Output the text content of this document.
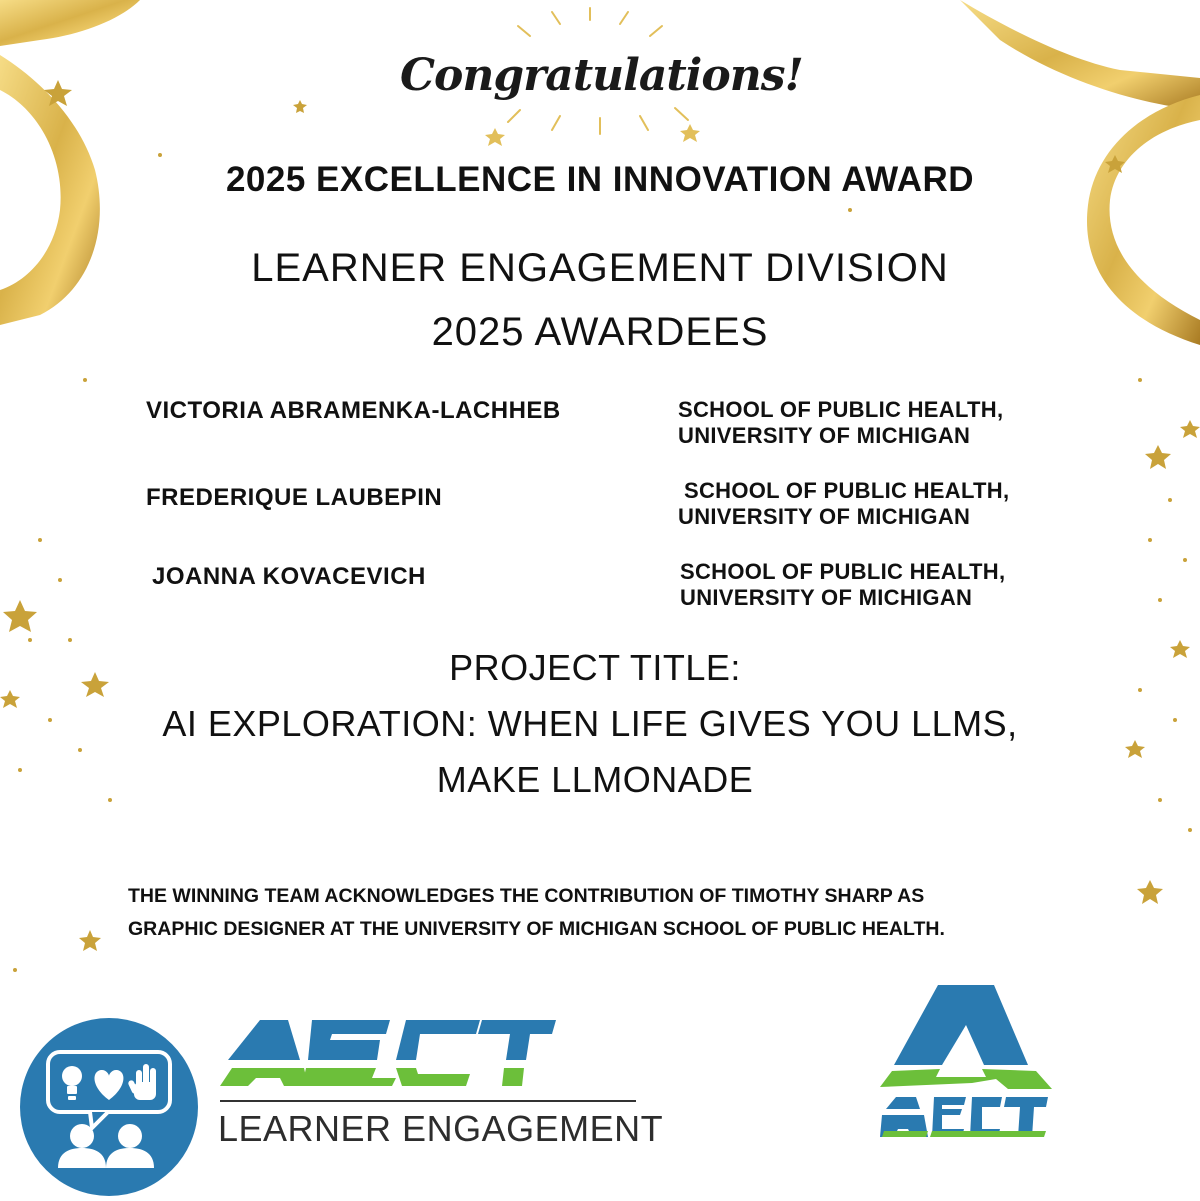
Congratulations!
2025 EXCELLENCE IN INNOVATION AWARD
LEARNER ENGAGEMENT DIVISION
2025 AWARDEES
VICTORIA ABRAMENKA-LACHHEB	SCHOOL OF PUBLIC HEALTH,
UNIVERSITY OF MICHIGAN
FREDERIQUE LAUBEPIN	SCHOOL OF PUBLIC HEALTH,
UNIVERSITY OF MICHIGAN
JOANNA KOVACEVICH	SCHOOL OF PUBLIC HEALTH,
UNIVERSITY OF MICHIGAN
PROJECT TITLE:
AI EXPLORATION: WHEN LIFE GIVES YOU LLMS,
MAKE LLMONADE
THE WINNING TEAM ACKNOWLEDGES THE CONTRIBUTION OF TIMOTHY SHARP AS
GRAPHIC DESIGNER AT THE UNIVERSITY OF MICHIGAN SCHOOL OF PUBLIC HEALTH.
LEARNER ENGAGEMENT
